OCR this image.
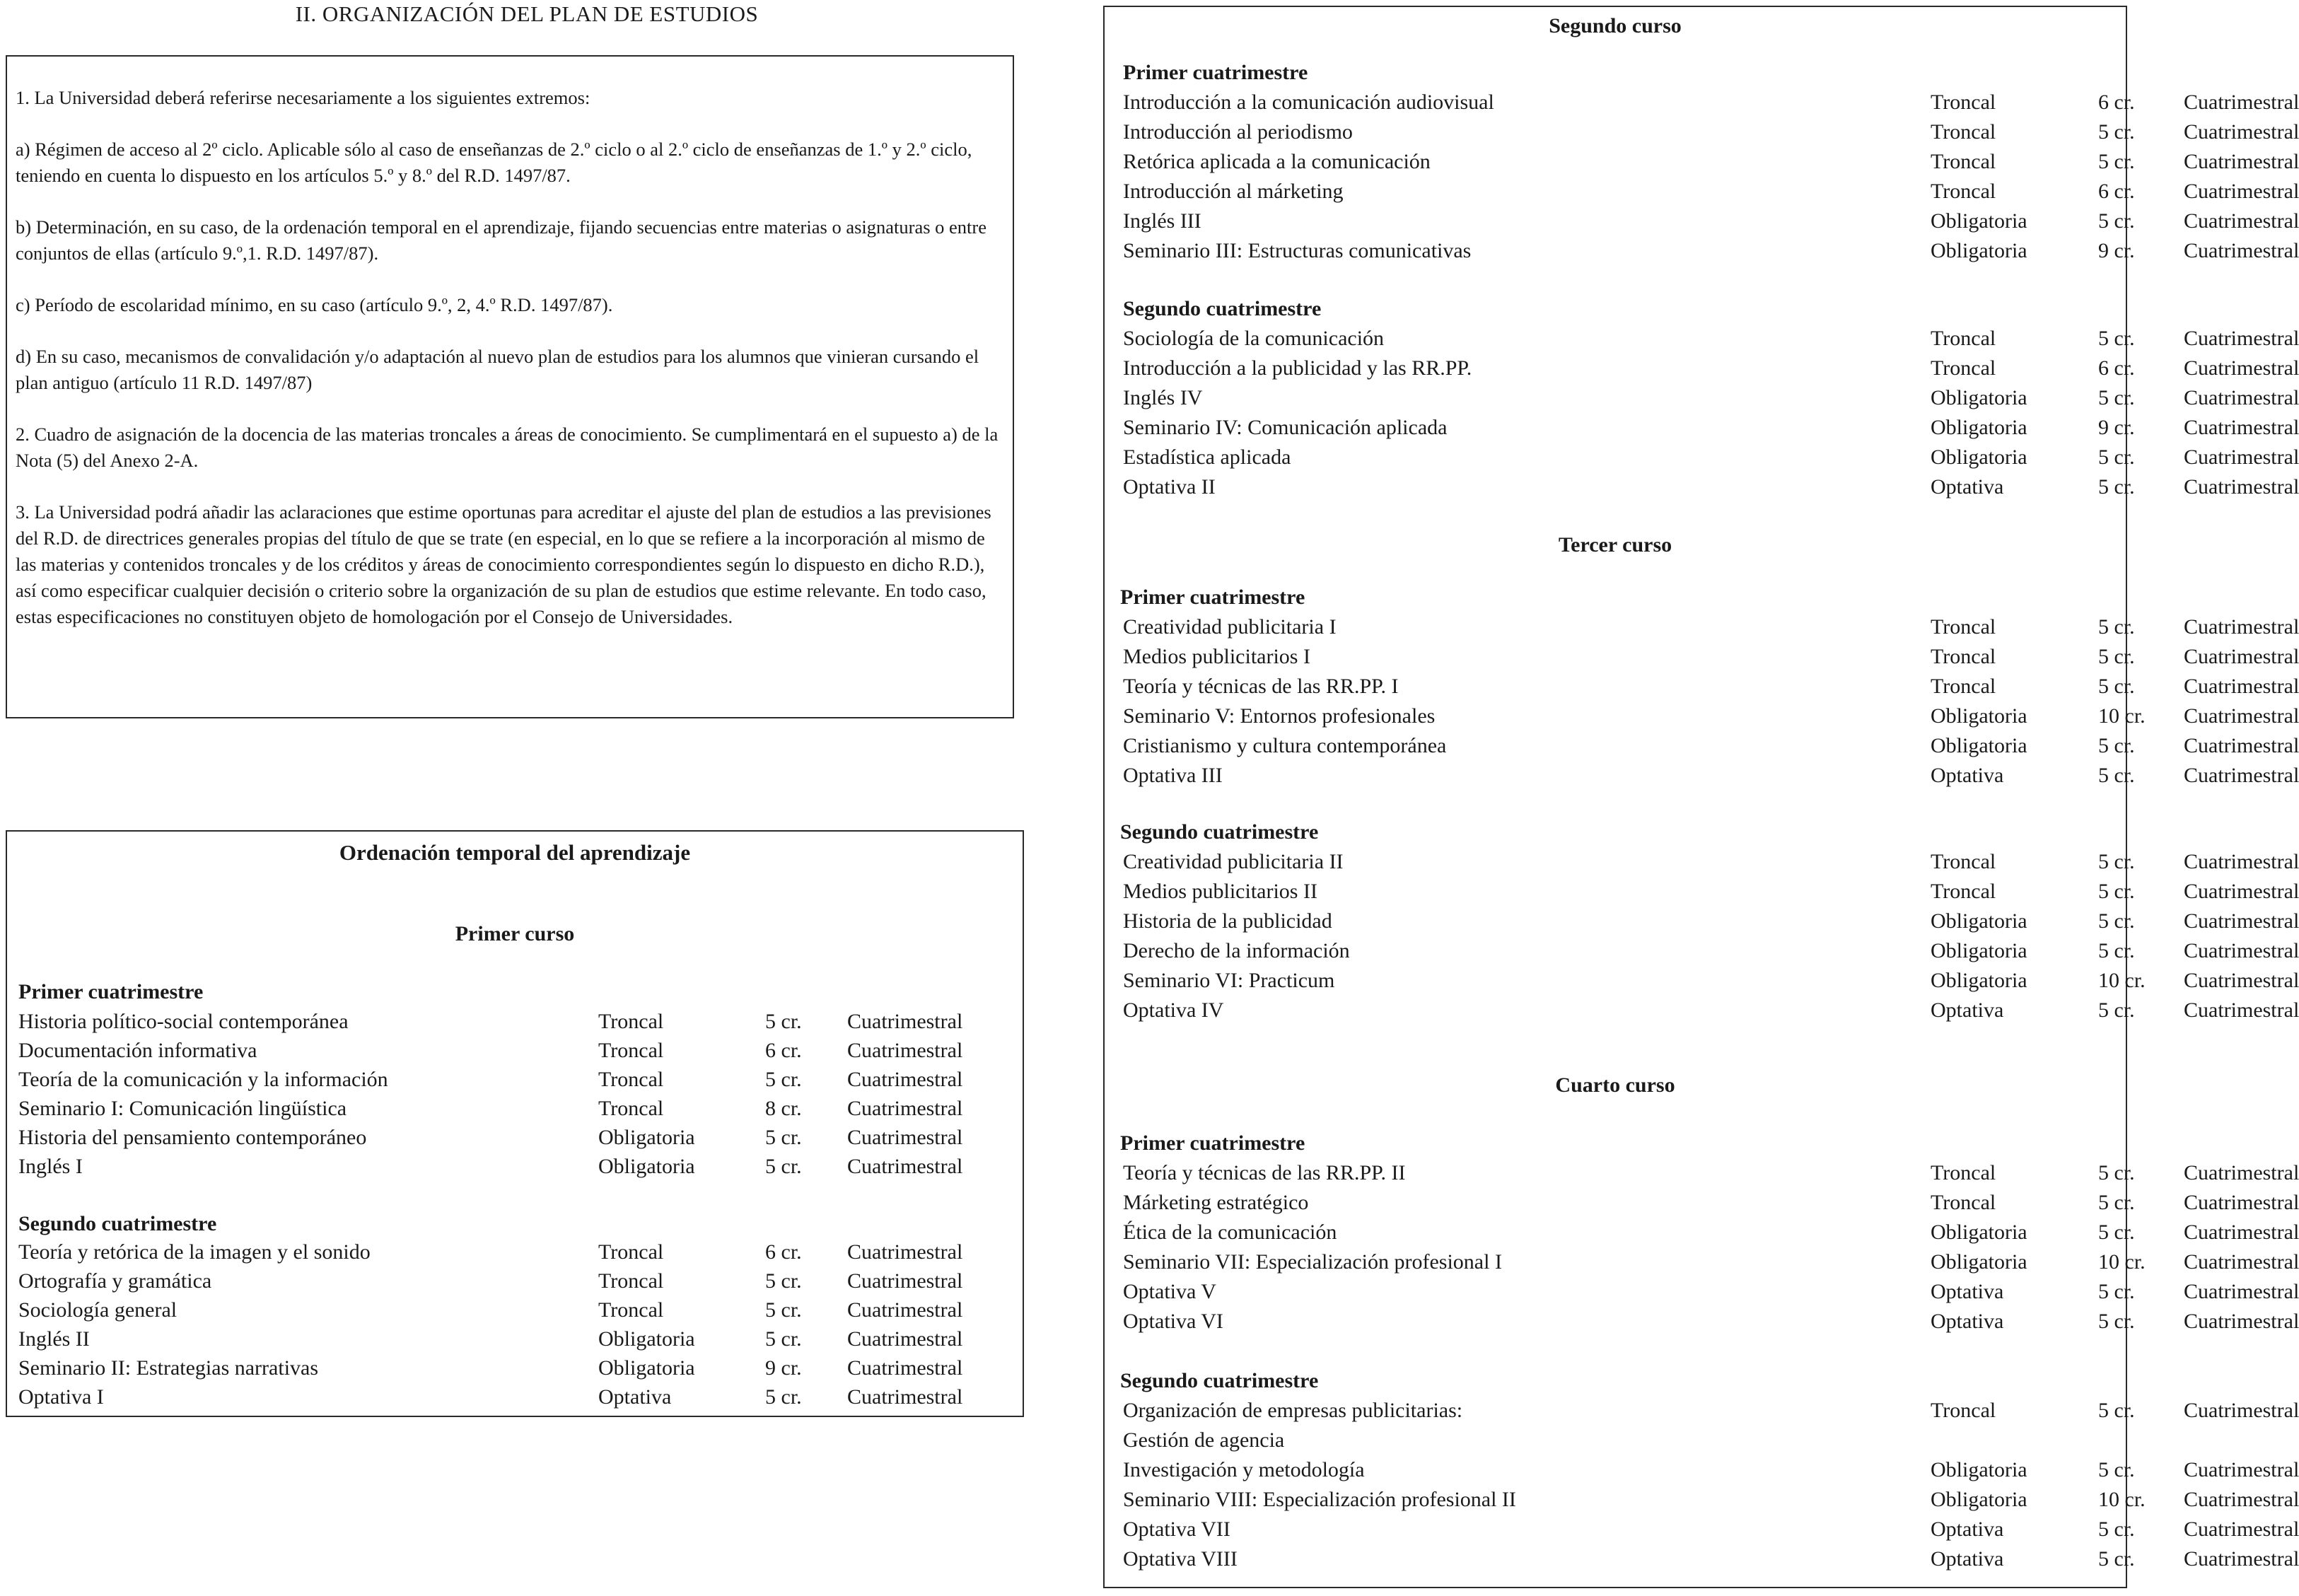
II. ORGANIZACIÓN DEL PLAN DE ESTUDIOS

1. La Universidad deberá referirse necesariamente a los siguientes extremos:

a) Régimen de acceso al 2º ciclo. Aplicable sólo al caso de enseñanzas de 2.º ciclo o al 2.º ciclo de enseñanzas de 1.º y 2.º ciclo, teniendo en cuenta lo dispuesto en los artículos 5.º y 8.º del R.D. 1497/87.

b) Determinación, en su caso, de la ordenación temporal en el aprendizaje, fijando secuencias entre materias o asignaturas o entre conjuntos de ellas (artículo 9.º,1. R.D. 1497/87).

c) Período de escolaridad mínimo, en su caso (artículo 9.º, 2, 4.º R.D. 1497/87).

d) En su caso, mecanismos de convalidación y/o adaptación al nuevo plan de estudios para los alumnos que vinieran cursando el plan antiguo (artículo 11 R.D. 1497/87)

2. Cuadro de asignación de la docencia de las materias troncales a áreas de conocimiento. Se cumplimentará en el supuesto a) de la Nota (5) del Anexo 2-A.

3. La Universidad podrá añadir las aclaraciones que estime oportunas para acreditar el ajuste del plan de estudios a las previsiones del R.D. de directrices generales propias del título de que se trate (en especial, en lo que se refiere a la incorporación al mismo de las materias y contenidos troncales y de los créditos y áreas de conocimiento correspondientes según lo dispuesto en dicho R.D.), así como especificar cualquier decisión o criterio sobre la organización de su plan de estudios que estime relevante. En todo caso, estas especificaciones no constituyen objeto de homologación por el Consejo de Universidades.

Ordenación temporal del aprendizaje
Primer curso
Primer cuatrimestre
Segundo cuatrimestre
Historia político-social contemporánea	Troncal	5 cr. Cuatrimestral
Documentación informativa	Troncal	6 cr. Cuatrimestral
Teoría de la comunicación y la información	Troncal	5 cr. Cuatrimestral
Seminario I: Comunicación lingüística	Troncal	8 cr. Cuatrimestral
Historia del pensamiento contemporáneo	Obligatoria	5 cr. Cuatrimestral
Inglés I	Obligatoria	5 cr. Cuatrimestral
Teoría y retórica de la imagen y el sonido	Troncal	6 cr. Cuatrimestral
Ortografía y gramática	Troncal	5 cr. Cuatrimestral
Sociología general	Troncal	5 cr. Cuatrimestral
Inglés II	Obligatoria	5 cr. Cuatrimestral
Seminario II: Estrategias narrativas	Obligatoria	9 cr. Cuatrimestral
Optativa I	Optativa	5 cr. Cuatrimestral
Segundo curso
Primer cuatrimestre
Segundo cuatrimestre
Tercer curso
Primer cuatrimestre
Segundo cuatrimestre
Cuarto curso
Primer cuatrimestre
Segundo cuatrimestre
Introducción a la comunicación audiovisual	Troncal	6 cr. Cuatrimestral
Introducción al periodismo	Troncal	5 cr. Cuatrimestral
Retórica aplicada a la comunicación	Troncal	5 cr. Cuatrimestral
Introducción al márketing	Troncal	6 cr. Cuatrimestral
Inglés III	Obligatoria	5 cr. Cuatrimestral
Seminario III: Estructuras comunicativas	Obligatoria	9 cr. Cuatrimestral
Sociología de la comunicación	Troncal	5 cr. Cuatrimestral
Introducción a la publicidad y las RR.PP.	Troncal	6 cr. Cuatrimestral
Inglés IV	Obligatoria	5 cr. Cuatrimestral
Seminario IV: Comunicación aplicada	Obligatoria	9 cr. Cuatrimestral
Estadística aplicada	Obligatoria	5 cr. Cuatrimestral
Optativa II	Optativa	5 cr. Cuatrimestral
Creatividad publicitaria I	Troncal	5 cr. Cuatrimestral
Medios publicitarios I	Troncal	5 cr. Cuatrimestral
Teoría y técnicas de las RR.PP. I	Troncal	5 cr. Cuatrimestral
Seminario V: Entornos profesionales	Obligatoria	10 cr. Cuatrimestral
Cristianismo y cultura contemporánea	Obligatoria	5 cr. Cuatrimestral
Optativa III	Optativa	5 cr. Cuatrimestral
Creatividad publicitaria II	Troncal	5 cr. Cuatrimestral
Medios publicitarios II	Troncal	5 cr. Cuatrimestral
Historia de la publicidad	Obligatoria	5 cr. Cuatrimestral
Derecho de la información	Obligatoria	5 cr. Cuatrimestral
Seminario VI: Practicum	Obligatoria	10 cr. Cuatrimestral
Optativa IV	Optativa	5 cr. Cuatrimestral
Teoría y técnicas de las RR.PP. II	Troncal	5 cr. Cuatrimestral
Márketing estratégico	Troncal	5 cr. Cuatrimestral
Ética de la comunicación	Obligatoria	5 cr. Cuatrimestral
Seminario VII: Especialización profesional I	Obligatoria	10 cr. Cuatrimestral
Optativa V	Optativa	5 cr. Cuatrimestral
Optativa VI	Optativa	5 cr. Cuatrimestral
Organización de empresas publicitarias:	Troncal	5 cr. Cuatrimestral
Gestión de agencia
Investigación y metodología	Obligatoria	5 cr. Cuatrimestral
Seminario VIII: Especialización profesional II	Obligatoria	10 cr. Cuatrimestral
Optativa VII	Optativa	5 cr. Cuatrimestral
Optativa VIII	Optativa	5 cr. Cuatrimestral
